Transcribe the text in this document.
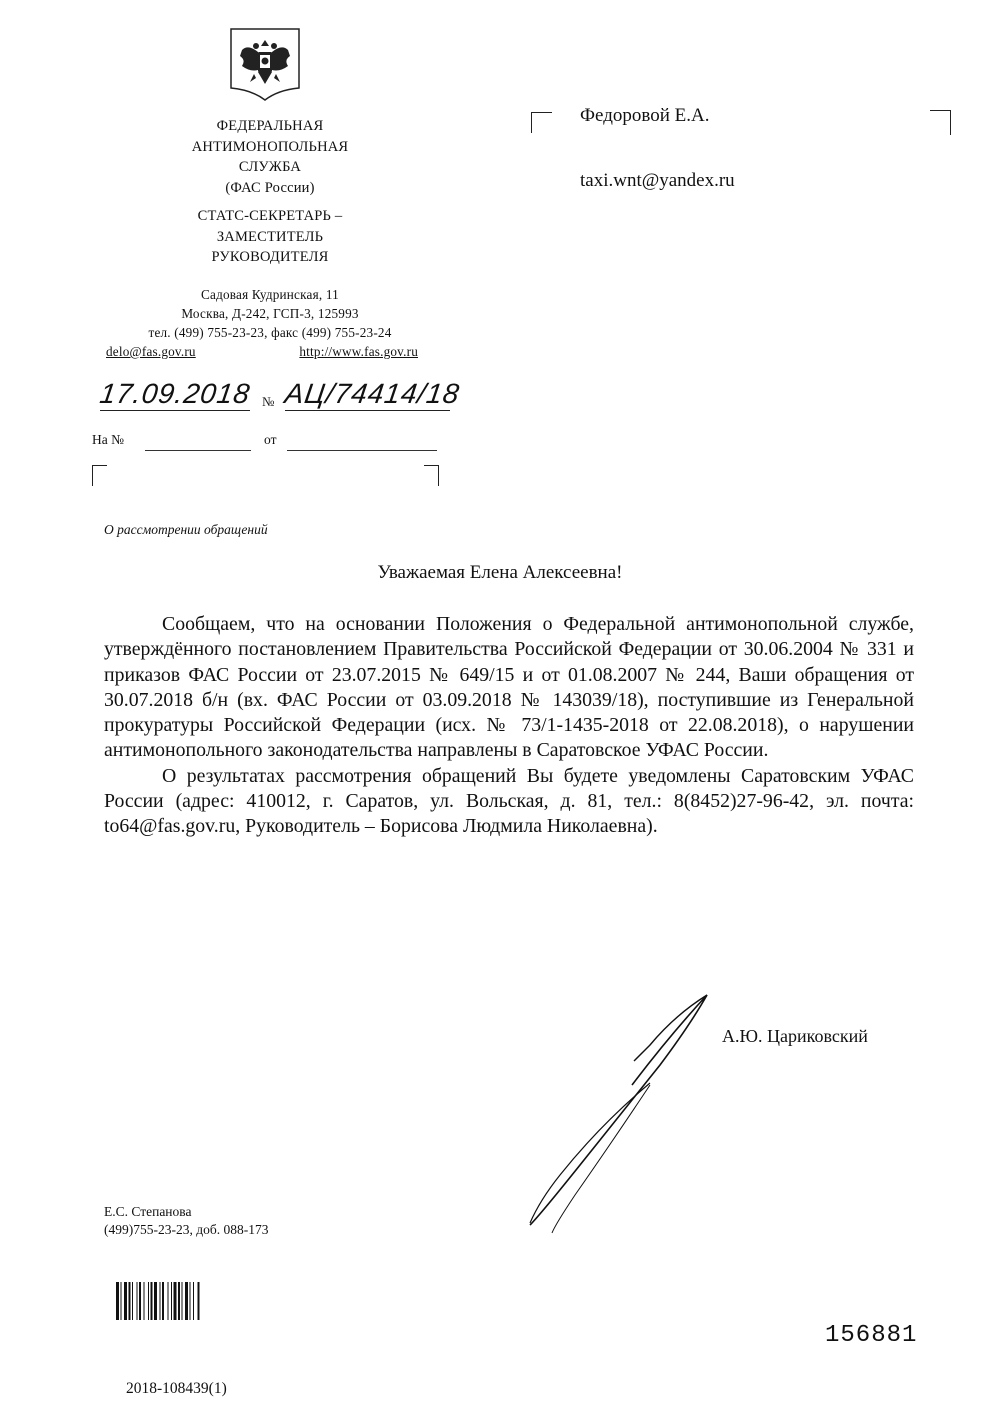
ФЕДЕРАЛЬНАЯ
АНТИМОНОПОЛЬНАЯ
СЛУЖБА
(ФАС России)
СТАТС-СЕКРЕТАРЬ –
ЗАМЕСТИТЕЛЬ
РУКОВОДИТЕЛЯ
Садовая Кудринская, 11
Москва, Д-242, ГСП-3, 125993
тел. (499) 755-23-23, факс (499) 755-23-24
delo@fas.gov.ru	http://www.fas.gov.ru
17.09.2018 № АЦ/74414/18
На №	от
Федоровой Е.А.
taxi.wnt@yandex.ru
О рассмотрении обращений
Уважаемая Елена Алексеевна!

Сообщаем, что на основании Положения о Федеральной антимонопольной службе, утверждённого постановлением Правительства Российской Федерации от 30.06.2004 № 331 и приказов ФАС России от 23.07.2015 № 649/15 и от 01.08.2007 № 244, Ваши обращения от 30.07.2018 б/н (вх. ФАС России от 03.09.2018 № 143039/18), поступившие из Генеральной прокуратуры Российской Федерации (исх. № 73/1-1435-2018 от 22.08.2018), о нарушении антимонопольного законодательства направлены в Саратовское УФАС России.

О результатах рассмотрения обращений Вы будете уведомлены Саратовским УФАС России (адрес: 410012, г. Саратов, ул. Вольская, д. 81, тел.: 8(8452)27-96-42, эл. почта: to64@fas.gov.ru, Руководитель – Борисова Людмила Николаевна).

А.Ю. Цариковский
Е.С. Степанова
(499)755-23-23, доб. 088-173
2018-108439(1)
156881
